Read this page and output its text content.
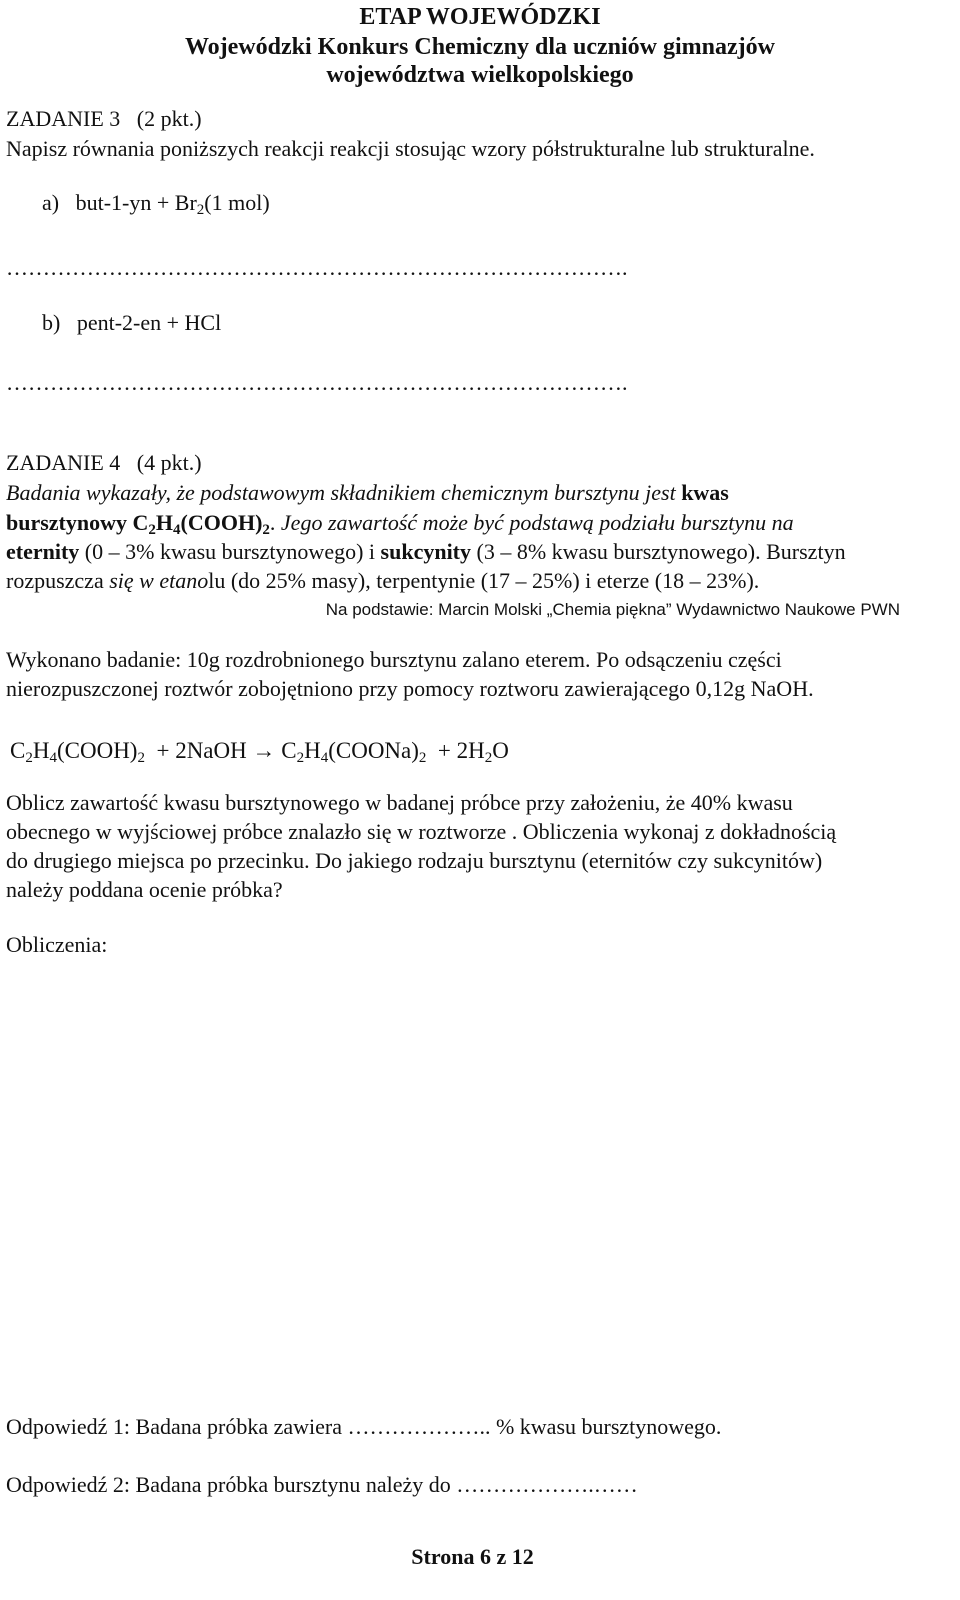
ETAP WOJEWÓDZKI
Wojewódzki Konkurs Chemiczny dla uczniów gimnazjów
województwa wielkopolskiego
ZADANIE 3 (2 pkt.)
Napisz równania poniższych reakcji reakcji stosując wzory półstrukturalne lub strukturalne.
a) $but-1-yn + Br_2(1$ mol)
………………………………………………………………………….
b) pent-2-en + HCl
………………………………………………………………………….
ZADANIE 4 (4 pkt.)
Badania wykazały, że podstawowym składnikiem chemicznym bursztynu jest kwas
bursztynowy $C_2H_4(COOH)_2$. Jego zawartość może być podstawą podziału bursztynu na
eternity (0 – 3% kwasu bursztynowego) i sukcynity (3 – 8% kwasu bursztynowego). Bursztyn
rozpuszcza się w etanolu (do 25% masy), terpentynie (17 – 25%) i eterze (18 – 23%).
Na podstawie: Marcin Molski „Chemia piękna” Wydawnictwo Naukowe PWN
Wykonano badanie: 10g rozdrobnionego bursztynu zalano eterem. Po odsączeniu części
nierozpuszczonej roztwór zobojętniono przy pomocy roztworu zawierającego 0,12g NaOH.
$C_2H_4(COOH)_2$  + 2NaOH → $C_2H_4(COONa)_2 + 2H_2O$
Oblicz zawartość kwasu bursztynowego w badanej próbce przy założeniu, że 40% kwasu
obecnego w wyjściowej próbce znalazło się w roztworze . Obliczenia wykonaj z dokładnością
do drugiego miejsca po przecinku. Do jakiego rodzaju bursztynu (eternitów czy sukcynitów)
należy poddana ocenie próbka?
Obliczenia:
Odpowiedź 1: Badana próbka zawiera ……………….. % kwasu bursztynowego.
Odpowiedź 2: Badana próbka bursztynu należy do ……………….……
Strona 6 z 12
